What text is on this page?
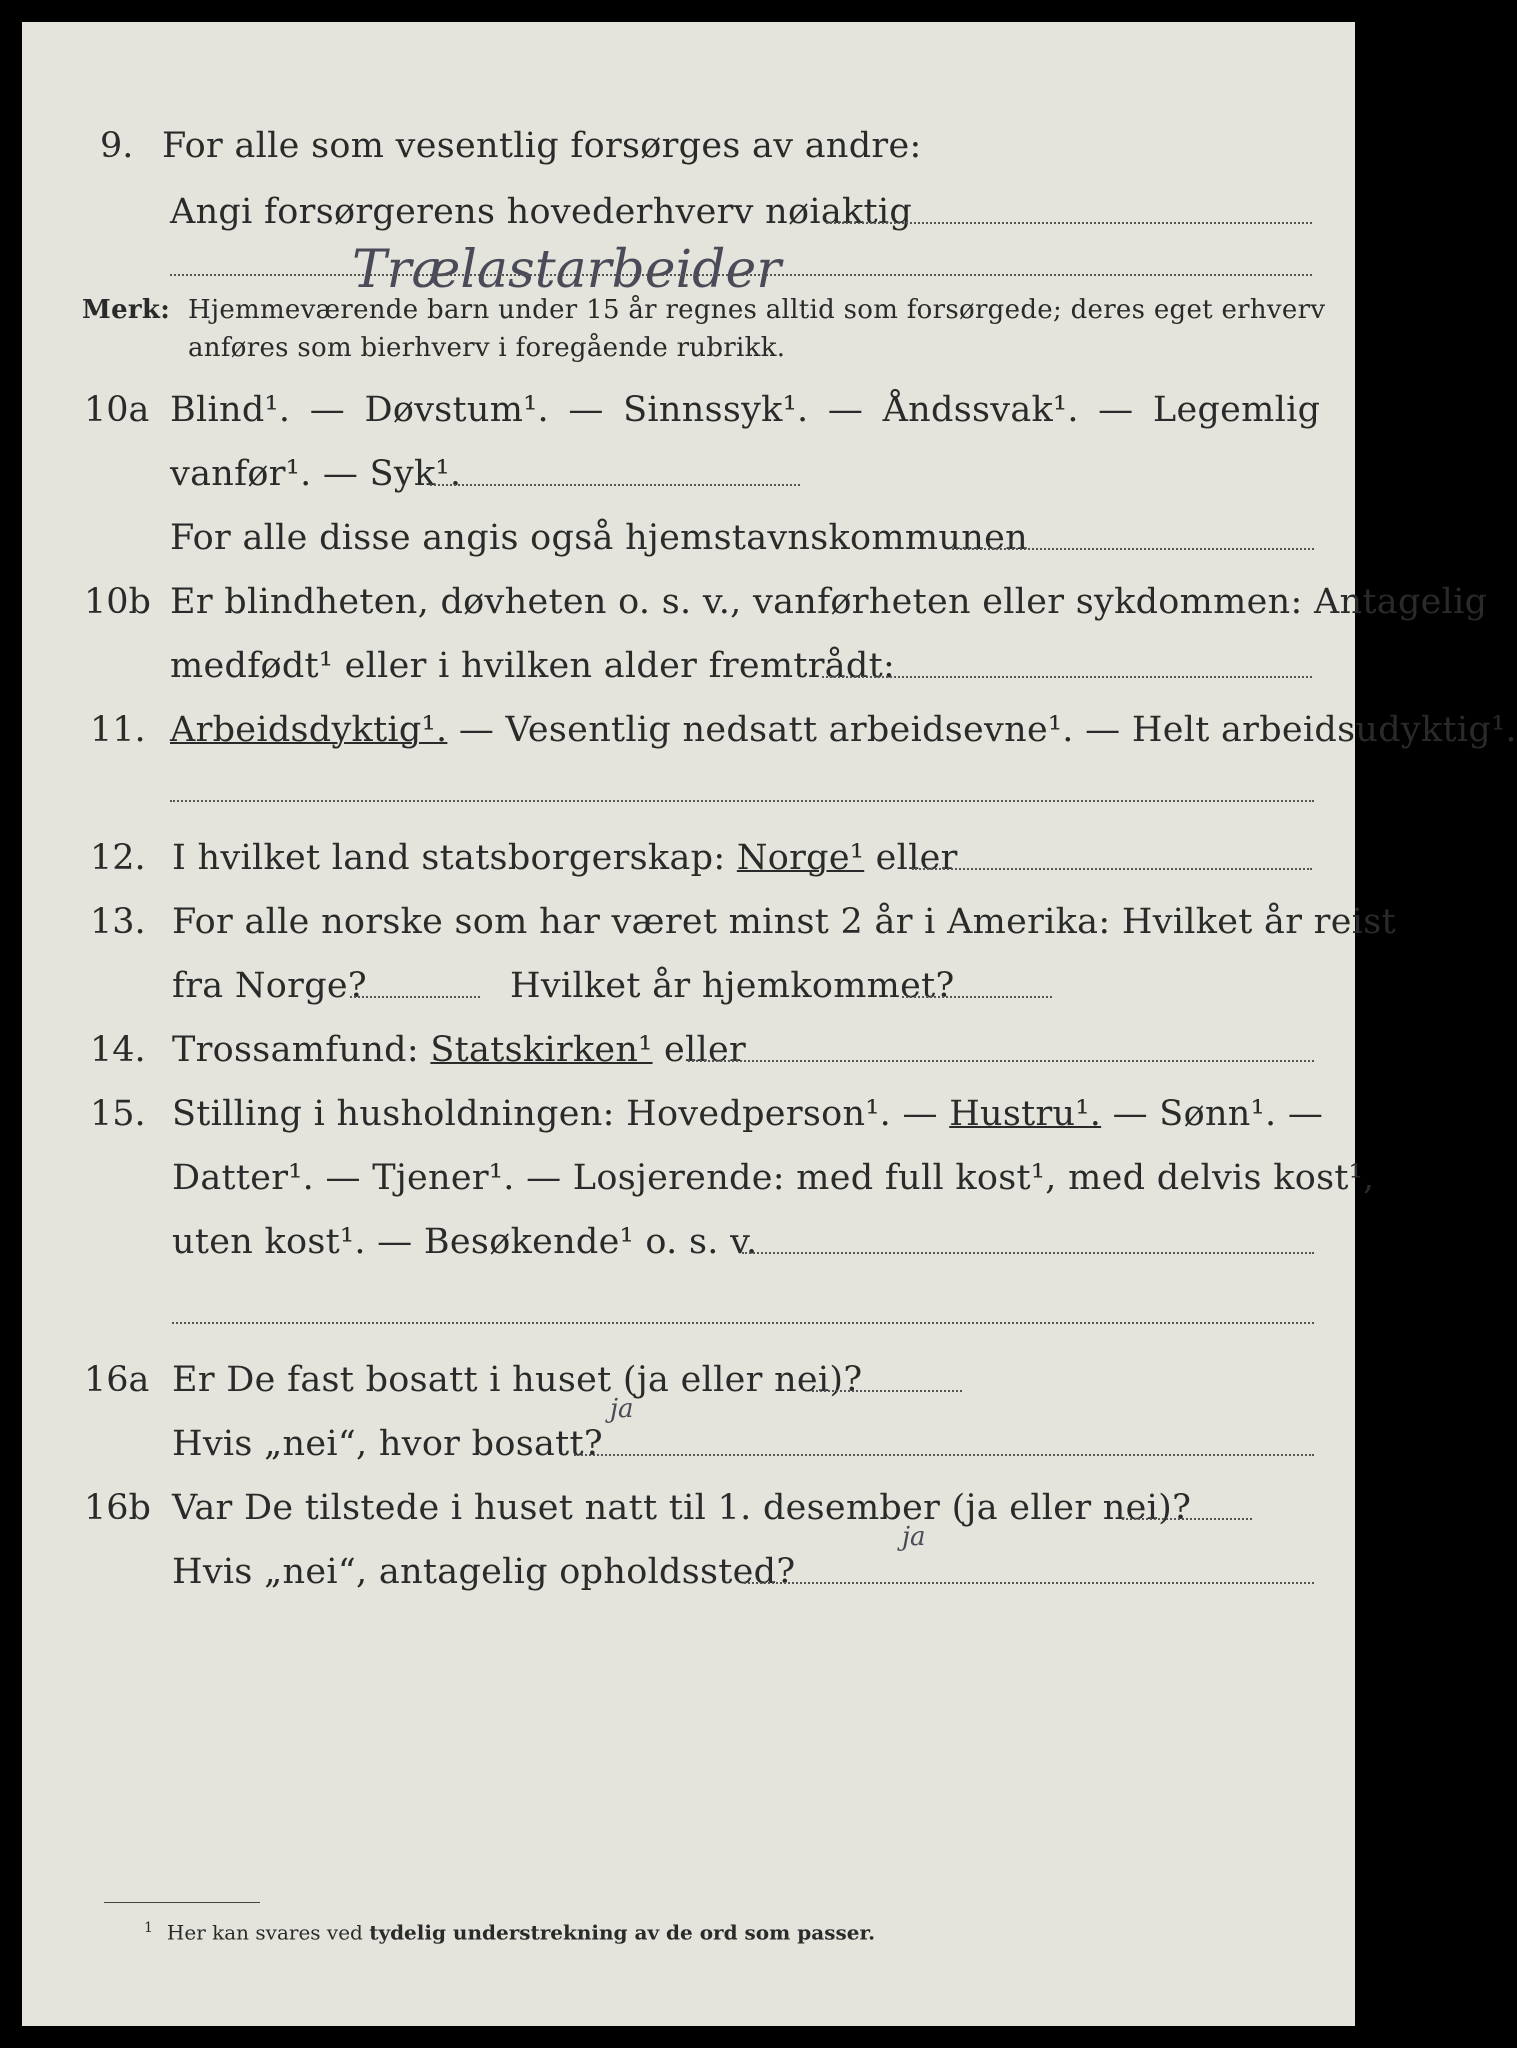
9. For alle som vesentlig forsørges av andre:
Angi forsørgerens hovederhverv nøiaktig
Trælastarbeider
Merk: Hjemmeværende barn under 15 år regnes alltid som forsørgede; deres eget erhverv
anføres som bierhverv i foregående rubrikk.
10a Blind¹. — Døvstum¹. — Sinnssyk¹. — Åndssvak¹. — Legemlig
vanfør¹. — Syk¹.
For alle disse angis også hjemstavnskommunen
10b Er blindheten, døvheten o. s. v., vanførheten eller sykdommen: Antagelig
medfødt¹ eller i hvilken alder fremtrådt:
11. Arbeidsdyktig¹. — Vesentlig nedsatt arbeidsevne¹. — Helt arbeidsudyktig¹.
12. I hvilket land statsborgerskap: Norge¹ eller
13. For alle norske som har været minst 2 år i Amerika: Hvilket år reist
fra Norge?	Hvilket år hjemkommet?
14. Trossamfund: Statskirken¹ eller
15. Stilling i husholdningen: Hovedperson¹. — Hustru¹. — Sønn¹. —
Datter¹. — Tjener¹. — Losjerende: med full kost¹, med delvis kost¹,
uten kost¹. — Besøkende¹ o. s. v.
16a Er De fast bosatt i huset (ja eller nei)?
ja
Hvis „nei“, hvor bosatt?
16b Var De tilstede i huset natt til 1. desember (ja eller nei)?
ja
Hvis „nei“, antagelig opholdssted?
$^1$ Her kan svares ved tydelig understrekning av de ord som passer.
